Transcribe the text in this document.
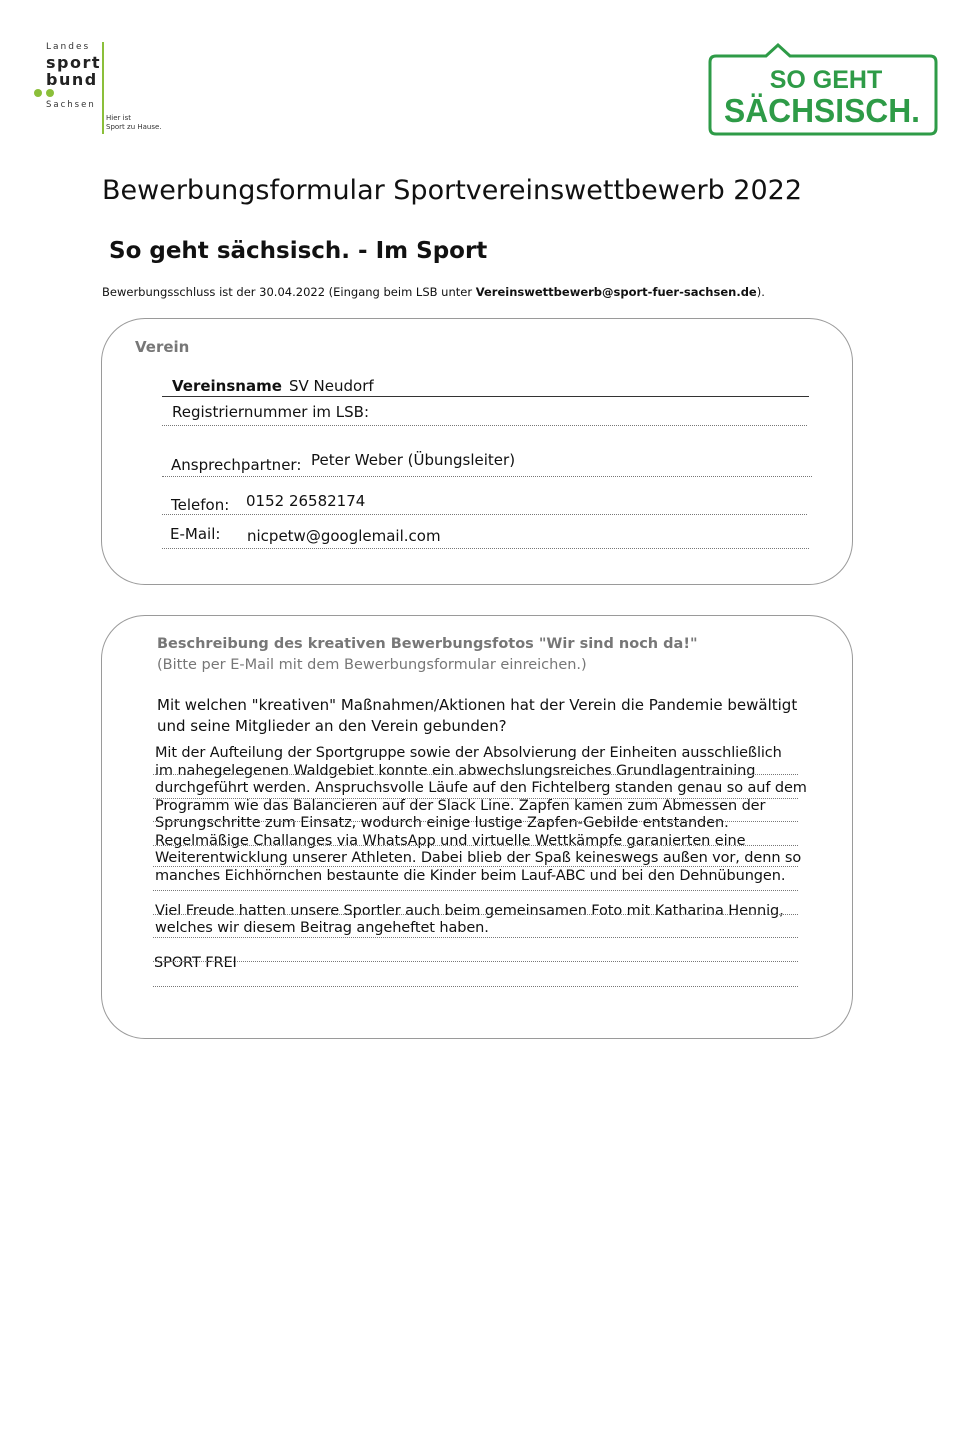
Landes
sport
bund
Sachsen
Hier ist
Sport zu Hause.
SO GEHT
SÄCHSISCH.
Bewerbungsformular Sportvereinswettbewerb 2022
So geht sächsisch. - Im Sport
Bewerbungsschluss ist der 30.04.2022 (Eingang beim LSB unter Vereinswettbewerb@sport-fuer-sachsen.de).
Verein
Vereinsname SV Neudorf
Registriernummer im LSB:
Ansprechpartner: Peter Weber (Übungsleiter)
Telefon: 0152 26582174
E-Mail: nicpetw@googlemail.com
Beschreibung des kreativen Bewerbungsfotos "Wir sind noch da!"
(Bitte per E-Mail mit dem Bewerbungsformular einreichen.)
Mit welchen "kreativen" Maßnahmen/Aktionen hat der Verein die Pandemie bewältigt
und seine Mitglieder an den Verein gebunden?
Mit der Aufteilung der Sportgruppe sowie der Absolvierung der Einheiten ausschließlich
im nahegelegenen Waldgebiet konnte ein abwechslungsreiches Grundlagentraining
durchgeführt werden. Anspruchsvolle Läufe auf den Fichtelberg standen genau so auf dem
Programm wie das Balancieren auf der Slack Line. Zapfen kamen zum Abmessen der
Sprungschritte zum Einsatz, wodurch einige lustige Zapfen-Gebilde entstanden.
Regelmäßige Challanges via WhatsApp und virtuelle Wettkämpfe garanierten eine
Weiterentwicklung unserer Athleten. Dabei blieb der Spaß keineswegs außen vor, denn so
manches Eichhörnchen bestaunte die Kinder beim Lauf-ABC und bei den Dehnübungen.
Viel Freude hatten unsere Sportler auch beim gemeinsamen Foto mit Katharina Hennig,
welches wir diesem Beitrag angeheftet haben.
SPORT FREI
